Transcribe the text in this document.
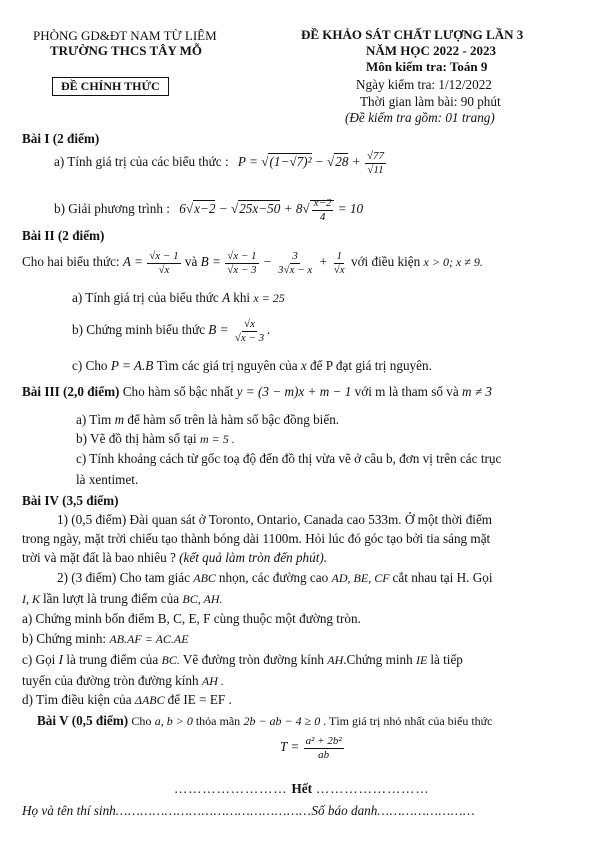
PHÒNG GD&ĐT NAM TỪ LIÊM
TRƯỜNG THCS TÂY MỖ
ĐỀ CHÍNH THỨC
ĐỀ KHẢO SÁT CHẤT LƯỢNG LẦN 3
NĂM HỌC 2022 - 2023
Môn kiểm tra: Toán 9
Ngày kiểm tra: 1/12/2022
Thời gian làm bài: 90 phút
(Đề kiểm tra gồm: 01 trang)
Bài I (2 điểm)
a) Tính giá trị của các biểu thức : $P = √(1-√7)^2 - √28 + \frac{√77}{√11}$
b) Giải phương trình : $6√x-2 - √25x-50 + 8√ \frac{x-2}{4} = 10$
Bài II (2 điểm)
Cho hai biểu thức: $A = \frac{√x - 1}{√x}$ và $B = \frac{√x - 1}{√x - 3} - \frac{3}{3√x - x} + \frac{1}{√x}$ với điều kiện x > 0; x ≠ 9.
a) Tính giá trị của biểu thức A khi x = 25
b) Chứng minh biểu thức $B = \frac{√x}{√x - 3}$ .
c) Cho P = A.B Tìm các giá trị nguyên của x để P đạt giá trị nguyên.
Bài III (2,0 điểm) Cho hàm số bậc nhất y = (3 − m)x + m − 1 với m là tham số và m ≠ 3
a) Tìm m để hàm số trên là hàm số bậc đồng biến.
b) Vẽ đồ thị hàm số tại m = 5 .
c) Tính khoảng cách từ gốc toạ độ đến đồ thị vừa vẽ ở câu b, đơn vị trên các trục
là xentimet.
Bài IV (3,5 điểm)
1) (0,5 điểm) Đài quan sát ở Toronto, Ontario, Canada cao 533m. Ở một thời điểm
trong ngày, mặt trời chiếu tạo thành bóng dài 1100m. Hỏi lúc đó góc tạo bởi tia sáng mặt
trời và mặt đất là bao nhiêu ? (kết quả làm tròn đến phút).
2) (3 điểm) Cho tam giác ABC nhọn, các đường cao AD, BE, CF cắt nhau tại H. Gọi
I, K lần lượt là trung điểm của BC, AH.
a) Chứng minh bốn điểm B, C, E, F cùng thuộc một đường tròn.
b) Chứng minh: AB.AF = AC.AE
c) Gọi I là trung điểm của BC. Vẽ đường tròn đường kính AH.Chứng minh IE là tiếp
tuyến của đường tròn đường kính AH .
d) Tìm điều kiện của ΔABC để IE = EF .
Bài V (0,5 điểm) Cho a, b > 0 thỏa mãn 2b − ab − 4 ≥ 0 . Tìm giá trị nhỏ nhất của biểu thức
$T = \frac{\text{a² + 2b²}}{ab}$
…………………… Hết ……………………
Họ và tên thí sinh…………………………………………Số báo danh……………………
